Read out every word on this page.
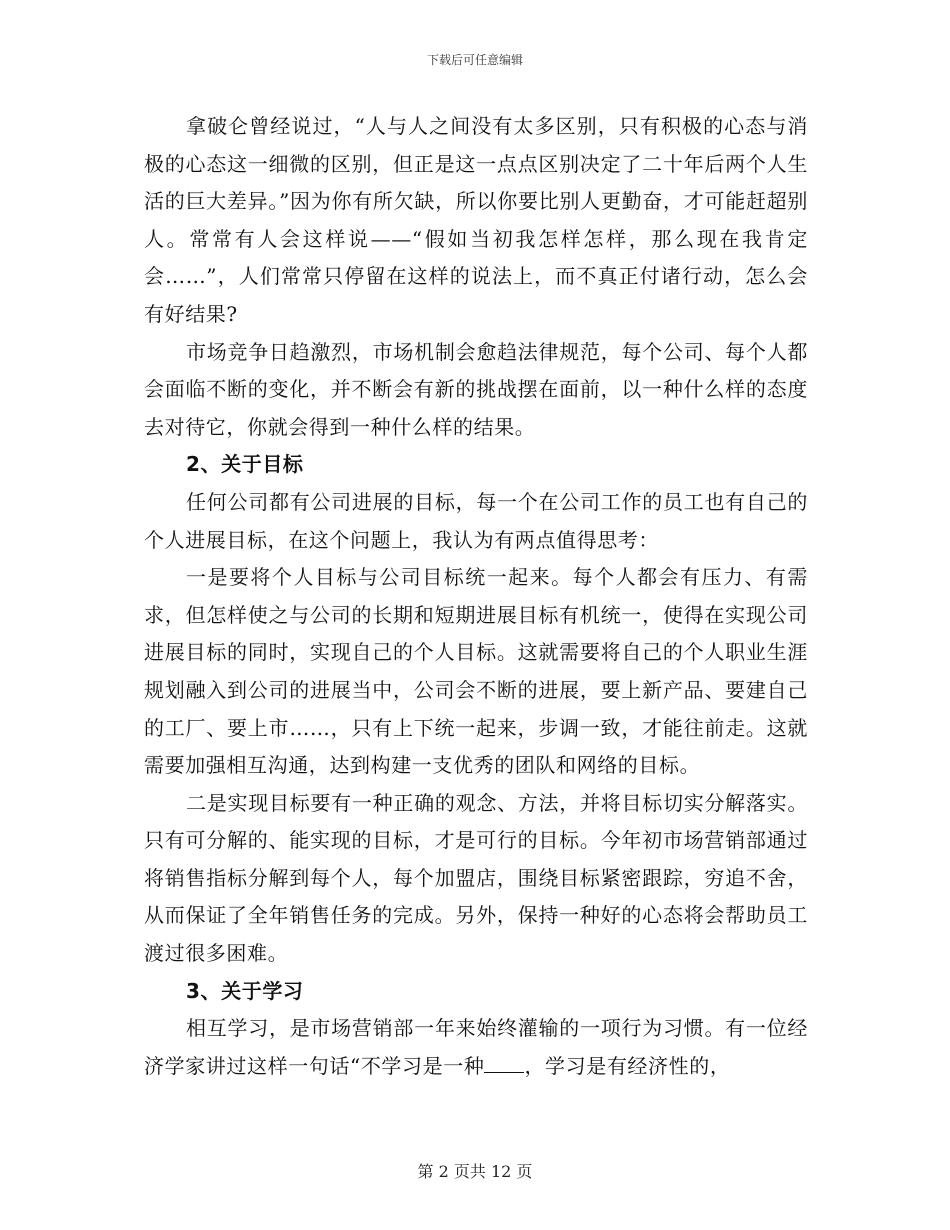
下载后可任意编辑

拿破仑曾经说过，“人与人之间没有太多区别，只有积极的心态与消极的心态这一细微的区别，但正是这一点点区别决定了二十年后两个人生活的巨大差异。”因为你有所欠缺，所以你要比别人更勤奋，才可能赶超别人。常常有人会这样说——“假如当初我怎样怎样，那么现在我肯定会……”，人们常常只停留在这样的说法上，而不真正付诸行动，怎么会有好结果?

市场竞争日趋激烈，市场机制会愈趋法律规范，每个公司、每个人都会面临不断的变化，并不断会有新的挑战摆在面前，以一种什么样的态度去对待它，你就会得到一种什么样的结果。

2、关于目标

任何公司都有公司进展的目标，每一个在公司工作的员工也有自己的个人进展目标，在这个问题上，我认为有两点值得思考：

一是要将个人目标与公司目标统一起来。每个人都会有压力、有需求，但怎样使之与公司的长期和短期进展目标有机统一，使得在实现公司进展目标的同时，实现自己的个人目标。这就需要将自己的个人职业生涯规划融入到公司的进展当中，公司会不断的进展，要上新产品、要建自己的工厂、要上市……，只有上下统一起来，步调一致，才能往前走。这就需要加强相互沟通，达到构建一支优秀的团队和网络的目标。

二是实现目标要有一种正确的观念、方法，并将目标切实分解落实。只有可分解的、能实现的目标，才是可行的目标。今年初市场营销部通过将销售指标分解到每个人，每个加盟店，围绕目标紧密跟踪，穷追不舍，从而保证了全年销售任务的完成。另外，保持一种好的心态将会帮助员工渡过很多困难。

3、关于学习

相互学习，是市场营销部一年来始终灌输的一项行为习惯。有一位经济学家讲过这样一句话“不学习是一种 ，学习是有经济性的，

第 2 页共 12 页
